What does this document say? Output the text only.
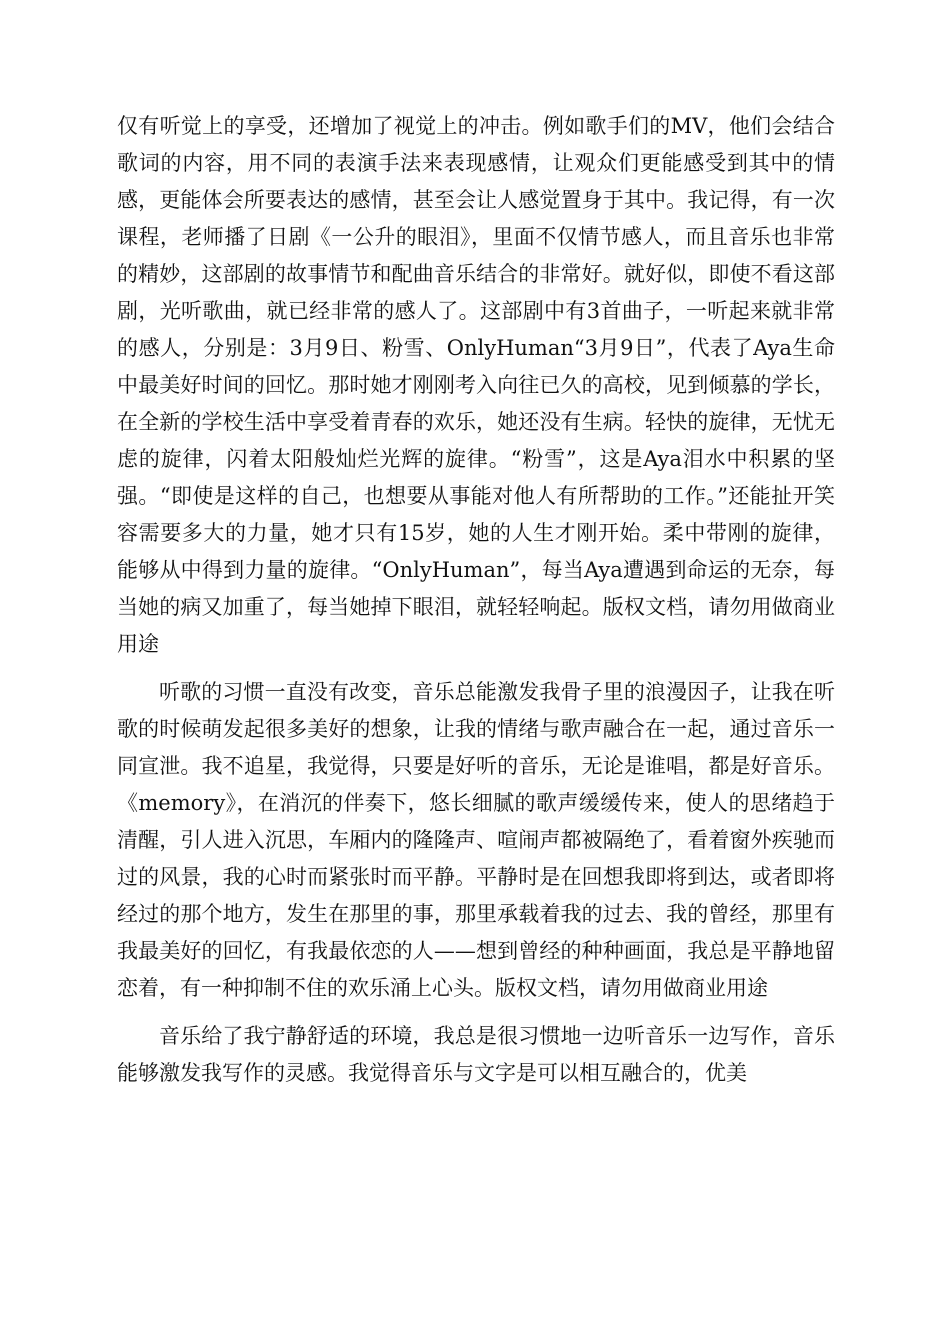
仅有听觉上的享受，还增加了视觉上的冲击。例如歌手们的MV，他们会结合歌词的内容，用不同的表演手法来表现感情，让观众们更能感受到其中的情感，更能体会所要表达的感情，甚至会让人感觉置身于其中。我记得，有一次课程，老师播了日剧《一公升的眼泪》，里面不仅情节感人，而且音乐也非常的精妙，这部剧的故事情节和配曲音乐结合的非常好。就好似，即使不看这部剧，光听歌曲，就已经非常的感人了。这部剧中有3首曲子，一听起来就非常的感人，分别是：3月9日、粉雪、OnlyHuman“3月9日”，代表了Aya生命中最美好时间的回忆。那时她才刚刚考入向往已久的高校，见到倾慕的学长，在全新的学校生活中享受着青春的欢乐，她还没有生病。轻快的旋律，无忧无虑的旋律，闪着太阳般灿烂光辉的旋律。“粉雪”，这是Aya泪水中积累的坚强。“即使是这样的自己，也想要从事能对他人有所帮助的工作。”还能扯开笑容需要多大的力量，她才只有15岁，她的人生才刚开始。柔中带刚的旋律，能够从中得到力量的旋律。“OnlyHuman”，每当Aya遭遇到命运的无奈，每当她的病又加重了，每当她掉下眼泪，就轻轻响起。版权文档，请勿用做商业用途

听歌的习惯一直没有改变，音乐总能激发我骨子里的浪漫因子，让我在听歌的时候萌发起很多美好的想象，让我的情绪与歌声融合在一起，通过音乐一同宣泄。我不追星，我觉得，只要是好听的音乐，无论是谁唱，都是好音乐。《memory》，在消沉的伴奏下，悠长细腻的歌声缓缓传来，使人的思绪趋于清醒，引人进入沉思，车厢内的隆隆声、喧闹声都被隔绝了，看着窗外疾驰而过的风景，我的心时而紧张时而平静。平静时是在回想我即将到达，或者即将经过的那个地方，发生在那里的事，那里承载着我的过去、我的曾经，那里有我最美好的回忆，有我最依恋的人——想到曾经的种种画面，我总是平静地留恋着，有一种抑制不住的欢乐涌上心头。版权文档，请勿用做商业用途

音乐给了我宁静舒适的环境，我总是很习惯地一边听音乐一边写作，音乐能够激发我写作的灵感。我觉得音乐与文字是可以相互融合的，优美
